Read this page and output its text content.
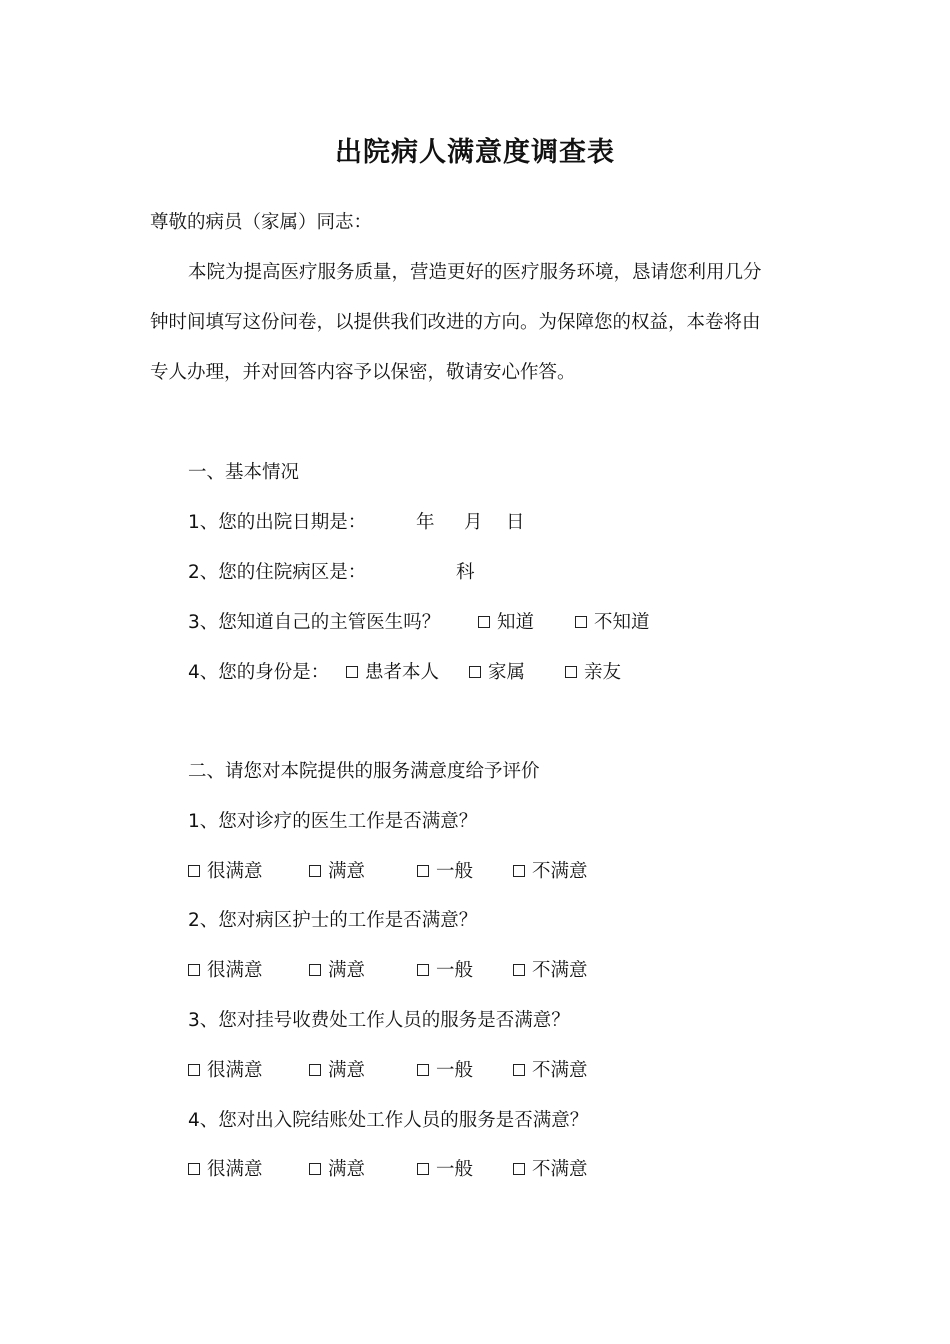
出院病人满意度调查表
尊敬的病员（家属）同志：
本院为提高医疗服务质量，营造更好的医疗服务环境，恳请您利用几分
钟时间填写这份问卷，以提供我们改进的方向。为保障您的权益，本卷将由
专人办理，并对回答内容予以保密，敬请安心作答。
一、基本情况
1、您的出院日期是：	年 月 日
2、您的住院病区是：	科
3、您知道自己的主管医生吗？	知道	不知道
4、您的身份是：	患者本人	家属	亲友
二、请您对本院提供的服务满意度给予评价
1、您对诊疗的医生工作是否满意？
很满意	满意	一般	不满意
2、您对病区护士的工作是否满意？
很满意	满意	一般	不满意
3、您对挂号收费处工作人员的服务是否满意？
很满意	满意	一般	不满意
4、您对出入院结账处工作人员的服务是否满意？
很满意	满意	一般	不满意
